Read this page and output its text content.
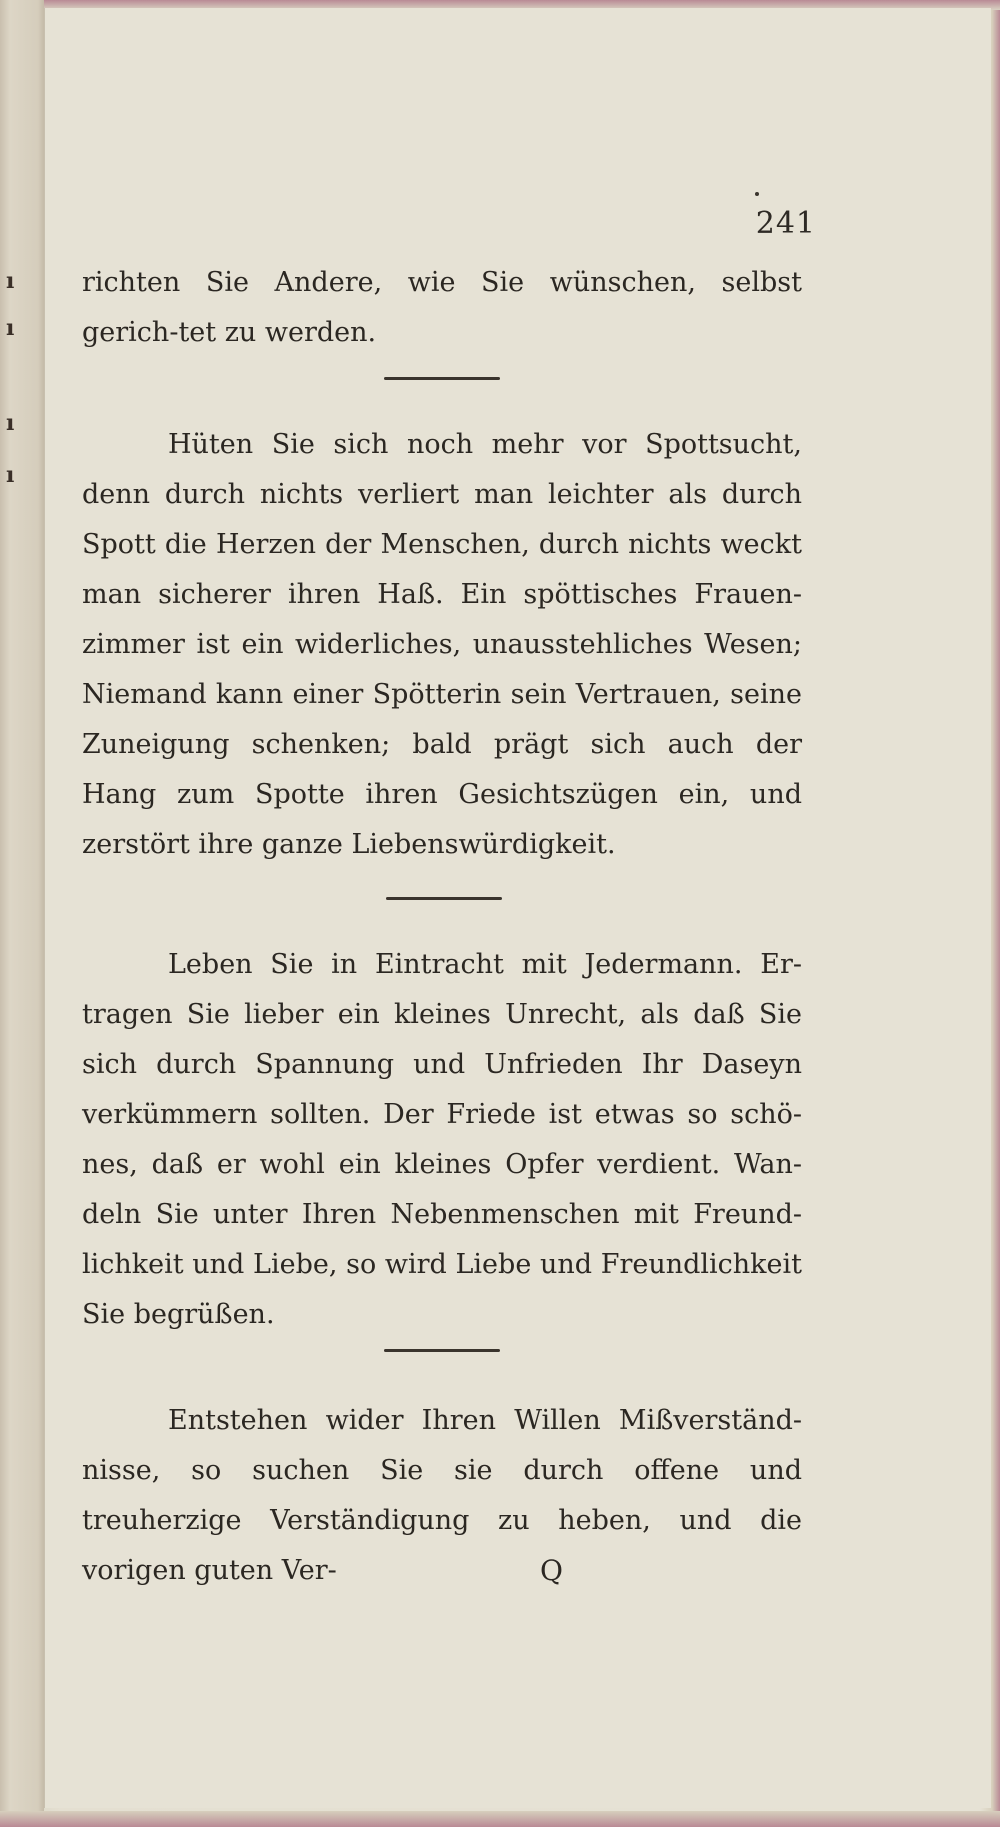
ı
ı
ı
ı
241

richten Sie Andere, wie Sie wünschen, selbst gerich-tet zu werden.

Hüten Sie sich noch mehr vor Spottsucht, denn durch nichts verliert man leichter als durch Spott die Herzen der Menschen, durch nichts weckt man sicherer ihren Haß. Ein spöttisches Frauen-zimmer ist ein widerliches, unausstehliches Wesen; Niemand kann einer Spötterin sein Vertrauen, seine Zuneigung schenken; bald prägt sich auch der Hang zum Spotte ihren Gesichtszügen ein, und zerstört ihre ganze Liebenswürdigkeit.

Leben Sie in Eintracht mit Jedermann. Er-tragen Sie lieber ein kleines Unrecht, als daß Sie sich durch Spannung und Unfrieden Ihr Daseyn verkümmern sollten. Der Friede ist etwas so schö-nes, daß er wohl ein kleines Opfer verdient. Wan-deln Sie unter Ihren Nebenmenschen mit Freund-lichkeit und Liebe, so wird Liebe und Freundlichkeit Sie begrüßen.

Entstehen wider Ihren Willen Mißverständ-nisse, so suchen Sie sie durch offene und treuherzige Verständigung zu heben, und die vorigen guten Ver-	Q
